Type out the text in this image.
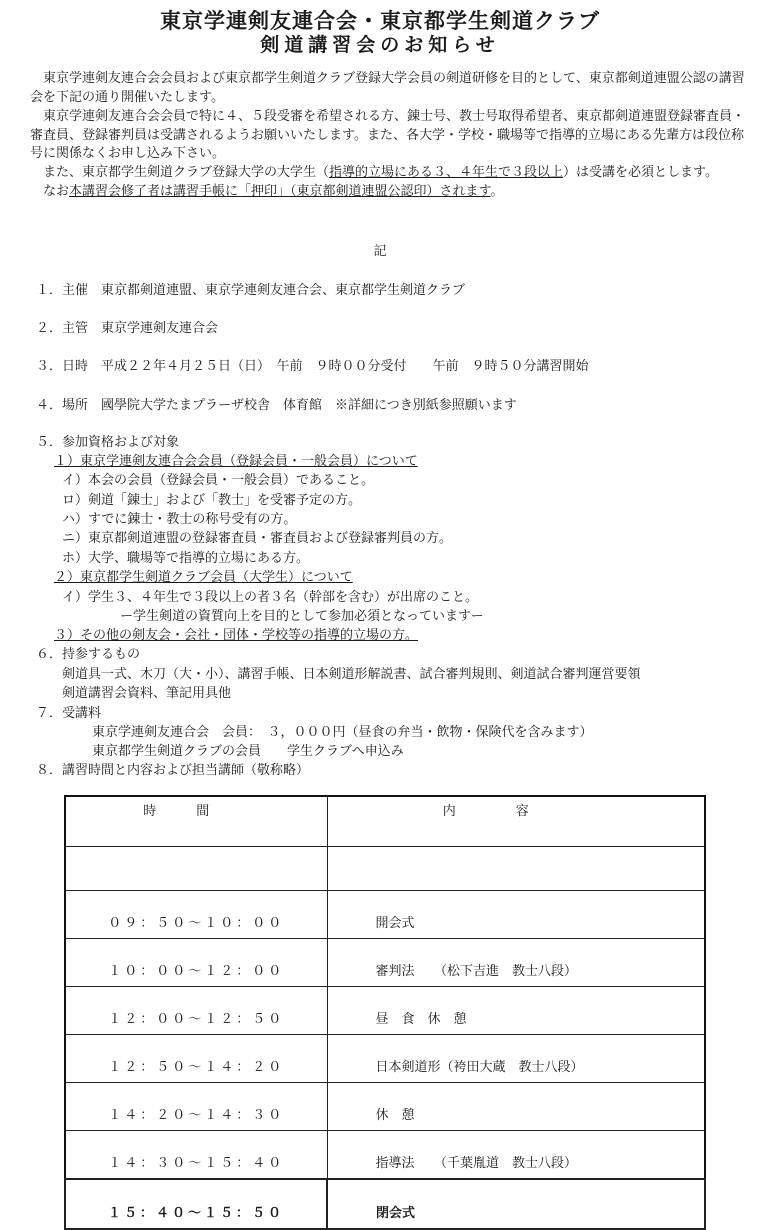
東京学連剣友連合会・東京都学生剣道クラブ
剣道講習会のお知らせ

東京学連剣友連合会会員および東京都学生剣道クラブ登録大学会員の剣道研修を目的として、東京都剣道連盟公認の講習会を下記の通り開催いたします。

東京学連剣友連合会会員で特に４、５段受審を希望される方、錬士号、教士号取得希望者、東京都剣道連盟登録審査員・審査員、登録審判員は受講されるようお願いいたします。また、各大学・学校・職場等で指導的立場にある先輩方は段位称号に関係なくお申し込み下さい。

また、東京都学生剣道クラブ登録大学の大学生（指導的立場にある３、４年生で３段以上）は受講を必須とします。

なお本講習会修了者は講習手帳に「押印」（東京都剣道連盟公認印）されます。

記
１．主催　東京都剣道連盟、東京学連剣友連合会、東京都学生剣道クラブ
２．主管　東京学連剣友連合会
３．日時　平成２２年４月２５日（日）　午前　９時００分受付　　午前　９時５０分講習開始
４．場所　國學院大学たまプラーザ校舎　体育館　※詳細につき別紙参照願います
５．参加資格および対象
１）東京学連剣友連合会会員（登録会員・一般会員）について
イ）本会の会員（登録会員・一般会員）であること。
ロ）剣道「錬士」および「教士」を受審予定の方。
ハ）すでに錬士・教士の称号受有の方。
ニ）東京都剣道連盟の登録審査員・審査員および登録審判員の方。
ホ）大学、職場等で指導的立場にある方。
２）東京都学生剣道クラブ会員（大学生）について
イ）学生３、４年生で３段以上の者３名（幹部を含む）が出席のこと。
ー学生剣道の資質向上を目的として参加必須となっていますー
３）その他の剣友会・会社・団体・学校等の指導的立場の方。
６．持参するもの
剣道具一式、木刀（大・小）、講習手帳、日本剣道形解説書、試合審判規則、剣道試合審判運営要領
剣道講習会資料、筆記用具他
７．受講料
東京学連剣友連合会　会員：　３，０００円（昼食の弁当・飲物・保険代を含みます）
東京都学生剣道クラブの会員　　学生クラブへ申込み
８．講習時間と内容および担当講師（敬称略）
時間	内容

０９：５０〜１０：００	開会式
１０：００〜１２：００	審判法　　（松下吉進　教士八段）
１２：００〜１２：５０	昼　食　休　憩
１２：５０〜１４：２０	日本剣道形（袴田大蔵　教士八段）
１４：２０〜１４：３０	休　憩
１４：３０〜１５：４０	指導法　　（千葉胤道　教士八段）
１５：４０〜１５：５０	閉会式
